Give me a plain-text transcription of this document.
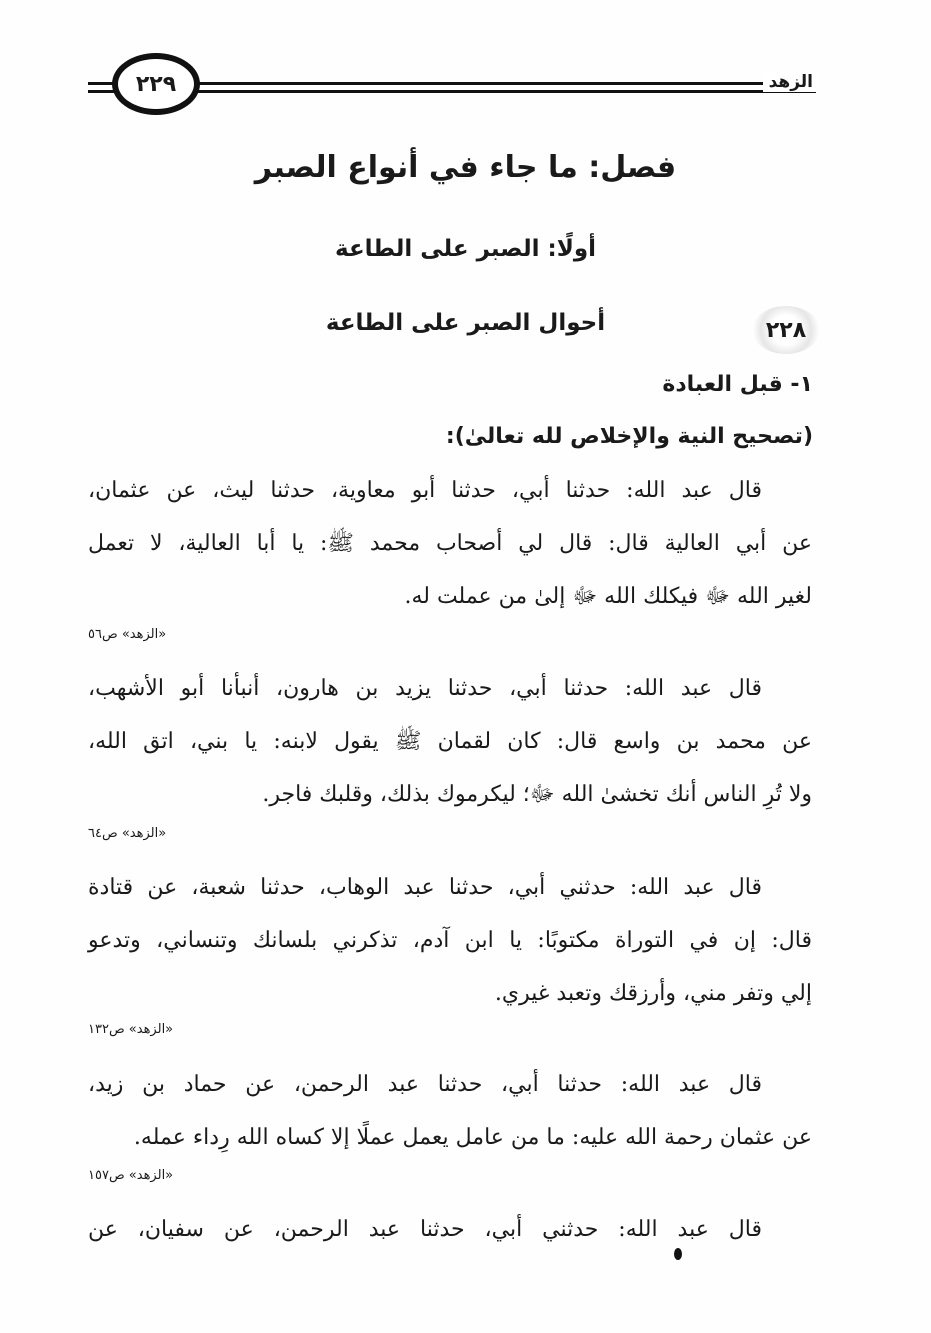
٢٢٩	الزهد
فصل: ما جاء في أنواع الصبر
أولًا: الصبر على الطاعة
٢٢٨
أحوال الصبر على الطاعة
١- قبل العبادة
(تصحيح النية والإخلاص لله تعالىٰ):
قال عبد الله: حدثنا أبي، حدثنا أبو معاوية، حدثنا ليث، عن عثمان،
عن أبي العالية قال: قال لي أصحاب محمد ﷺ: يا أبا العالية، لا تعمل
لغير الله ﷻ فيكلك الله ﷻ إلىٰ من عملت له.
«الزهد» ص٥٦
قال عبد الله: حدثنا أبي، حدثنا يزيد بن هارون، أنبأنا أبو الأشهب،
عن محمد بن واسع قال: كان لقمان ﷺ يقول لابنه: يا بني، اتق الله،
ولا تُرِ الناس أنك تخشىٰ الله ﷻ؛ ليكرموك بذلك، وقلبك فاجر.
«الزهد» ص٦٤
قال عبد الله: حدثني أبي، حدثنا عبد الوهاب، حدثنا شعبة، عن قتادة
قال: إن في التوراة مكتوبًا: يا ابن آدم، تذكرني بلسانك وتنساني، وتدعو
إلي وتفر مني، وأرزقك وتعبد غيري.
«الزهد» ص١٣٢
قال عبد الله: حدثنا أبي، حدثنا عبد الرحمن، عن حماد بن زيد،
عن عثمان رحمة الله عليه: ما من عامل يعمل عملًا إلا كساه الله رِداء عمله.
«الزهد» ص١٥٧
قال عبد الله: حدثني أبي، حدثنا عبد الرحمن، عن سفيان، عن
